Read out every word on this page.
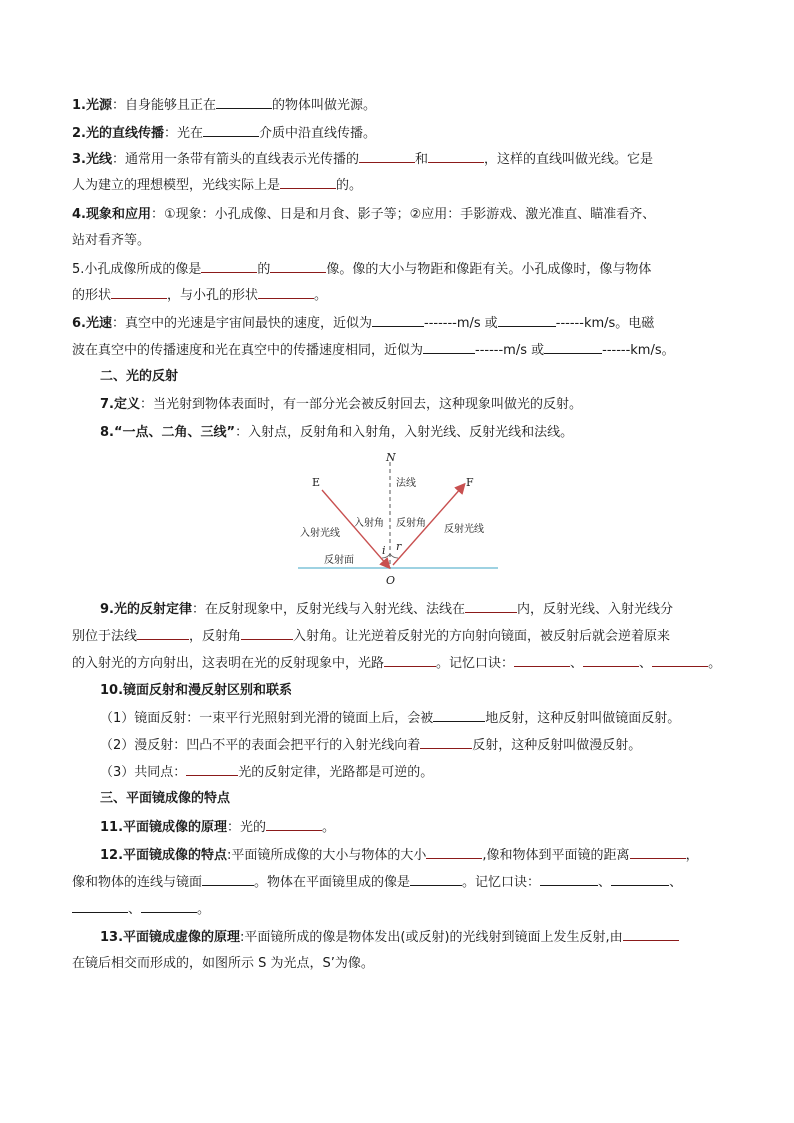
1.光源：自身能够且正在	的物体叫做光源。
2.光的直线传播：光在	介质中沿直线传播。
3.光线：通常用一条带有箭头的直线表示光传播的	和	，这样的直线叫做光线。它是
人为建立的理想模型，光线实际上是	的。
4.现象和应用：①现象：小孔成像、日是和月食、影子等；②应用：手影游戏、激光准直、瞄准看齐、
站对看齐等。
5.小孔成像所成的像是	的	像。像的大小与物距和像距有关。小孔成像时，像与物体
的形状	，与小孔的形状	。
6.光速：真空中的光速是宇宙间最快的速度，近似为	-------m/s 或	------km/s。电磁
波在真空中的传播速度和光在真空中的传播速度相同，近似为	------m/s 或	------km/s。
二、光的反射
7.定义：当光射到物体表面时，有一部分光会被反射回去，这种现象叫做光的反射。
8.“一点、二角、三线”：入射点，反射角和入射角，入射光线、反射光线和法线。
E	F
N
O
i r
法线
入射光线
入射角 反射角
反射光线
反射面
9.光的反射定律：在反射现象中，反射光线与入射光线、法线在	内，反射光线、入射光线分
别位于法线	，反射角	入射角。让光逆着反射光的方向射向镜面，被反射后就会逆着原来
的入射光的方向射出，这表明在光的反射现象中，光路	。记忆口诀：	、	、	。
10.镜面反射和漫反射区别和联系
（1）镜面反射：一束平行光照射到光滑的镜面上后，会被	地反射，这种反射叫做镜面反射。
（2）漫反射：凹凸不平的表面会把平行的入射光线向着	反射，这种反射叫做漫反射。
（3）共同点：	光的反射定律，光路都是可逆的。
三、平面镜成像的特点
11.平面镜成像的原理：光的	。
12.平面镜成像的特点:平面镜所成像的大小与物体的大小	,像和物体到平面镜的距离	，
像和物体的连线与镜面	。物体在平面镜里成的像是	。记忆口诀：	、	、
、	。
13.平面镜成虚像的原理:平面镜所成的像是物体发出(或反射)的光线射到镜面上发生反射,由
在镜后相交而形成的，如图所示 S 为光点，S’为像。
